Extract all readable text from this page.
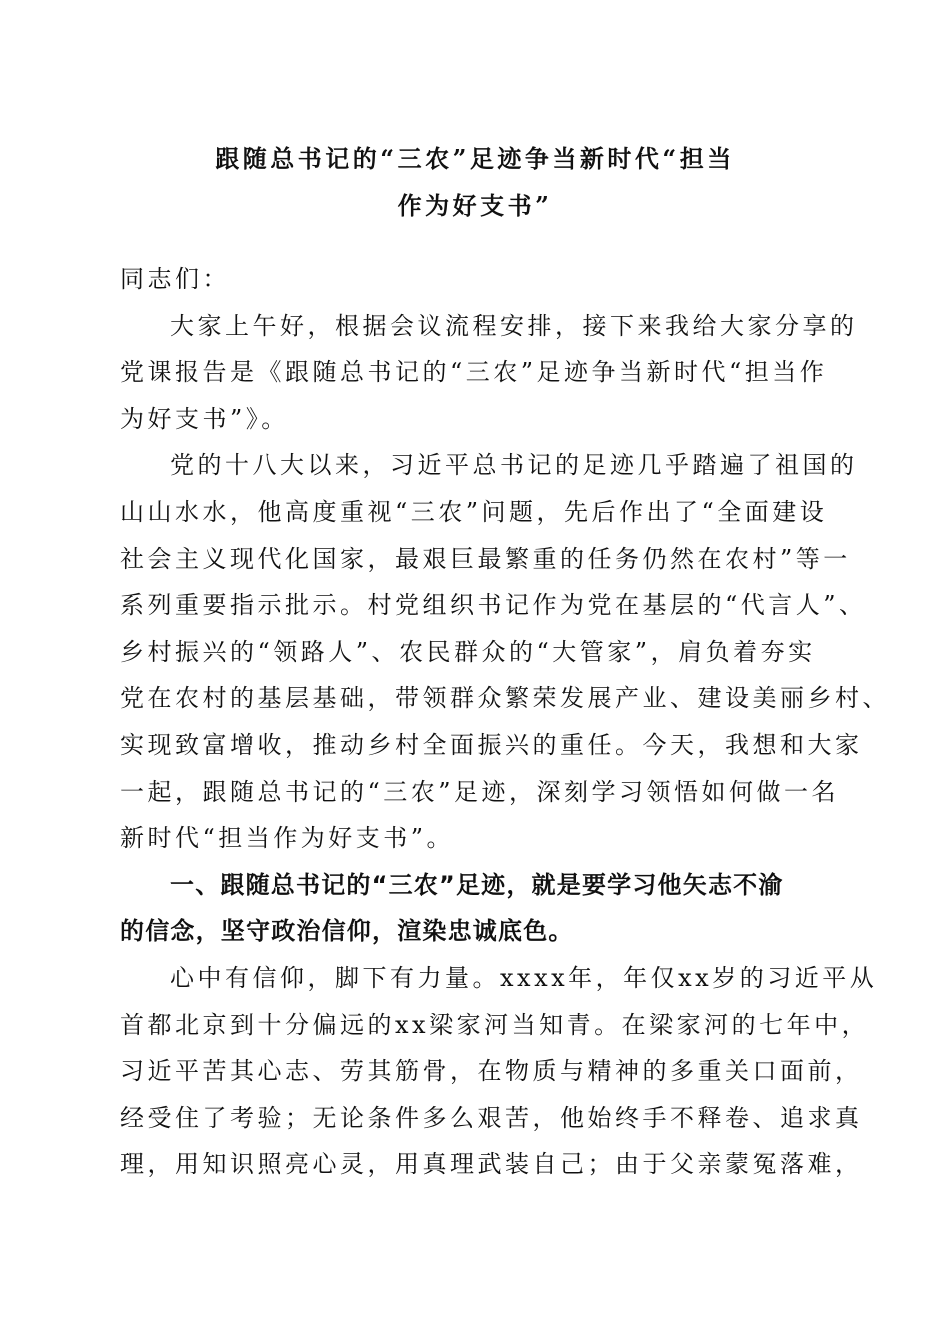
跟随总书记的“三农”足迹争当新时代“担当
作为好支书”
同志们：
大家上午好，根据会议流程安排，接下来我给大家分享的
党课报告是《跟随总书记的“三农”足迹争当新时代“担当作
为好支书”》。
党的十八大以来，习近平总书记的足迹几乎踏遍了祖国的
山山水水，他高度重视“三农”问题，先后作出了“全面建设
社会主义现代化国家，最艰巨最繁重的任务仍然在农村”等一
系列重要指示批示。村党组织书记作为党在基层的“代言人”、
乡村振兴的“领路人”、农民群众的“大管家”，肩负着夯实
党在农村的基层基础，带领群众繁荣发展产业、建设美丽乡村、
实现致富增收，推动乡村全面振兴的重任。今天，我想和大家
一起，跟随总书记的“三农”足迹，深刻学习领悟如何做一名
新时代“担当作为好支书”。
一、跟随总书记的“三农”足迹，就是要学习他矢志不渝
的信念，坚守政治信仰，渲染忠诚底色。
心中有信仰，脚下有力量。xxxx年，年仅xx岁的习近平从
首都北京到十分偏远的xx梁家河当知青。在梁家河的七年中，
习近平苦其心志、劳其筋骨，在物质与精神的多重关口面前，
经受住了考验；无论条件多么艰苦，他始终手不释卷、追求真
理，用知识照亮心灵，用真理武装自己；由于父亲蒙冤落难，
